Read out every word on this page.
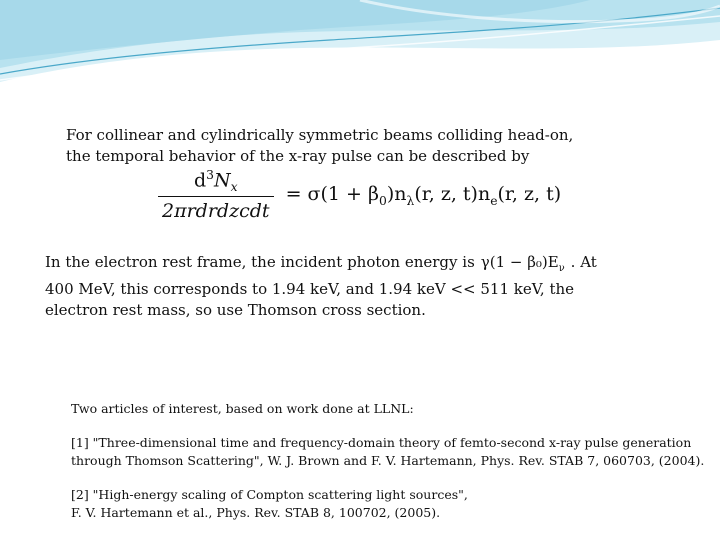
For collinear and cylindrically symmetric beams colliding head-on,
the temporal behavior of the x-ray pulse can be described by

$\frac{d^3N_x}{\text{2πrdrdzcdt}} = \sigma(1 + \beta_0)n_\lambda(r$, z, $t)n_e(r$, z, t)

In the electron rest frame, the incident photon energy is $\gamma(1 - \beta_0)E_\nu$ . At
400 MeV, this corresponds to 1.94 keV, and 1.94 keV << 511 keV, the
electron rest mass, so use Thomson cross section.

Two articles of interest, based on work done at LLNL:

[1] "Three-dimensional time and frequency-domain theory of femto-second x-ray pulse generation

through Thomson Scattering", W. J. Brown and F. V. Hartemann, Phys. Rev. STAB 7, 060703, (2004).

[2] "High-energy scaling of Compton scattering light sources",

F. V. Hartemann et al., Phys. Rev. STAB 8, 100702, (2005).
